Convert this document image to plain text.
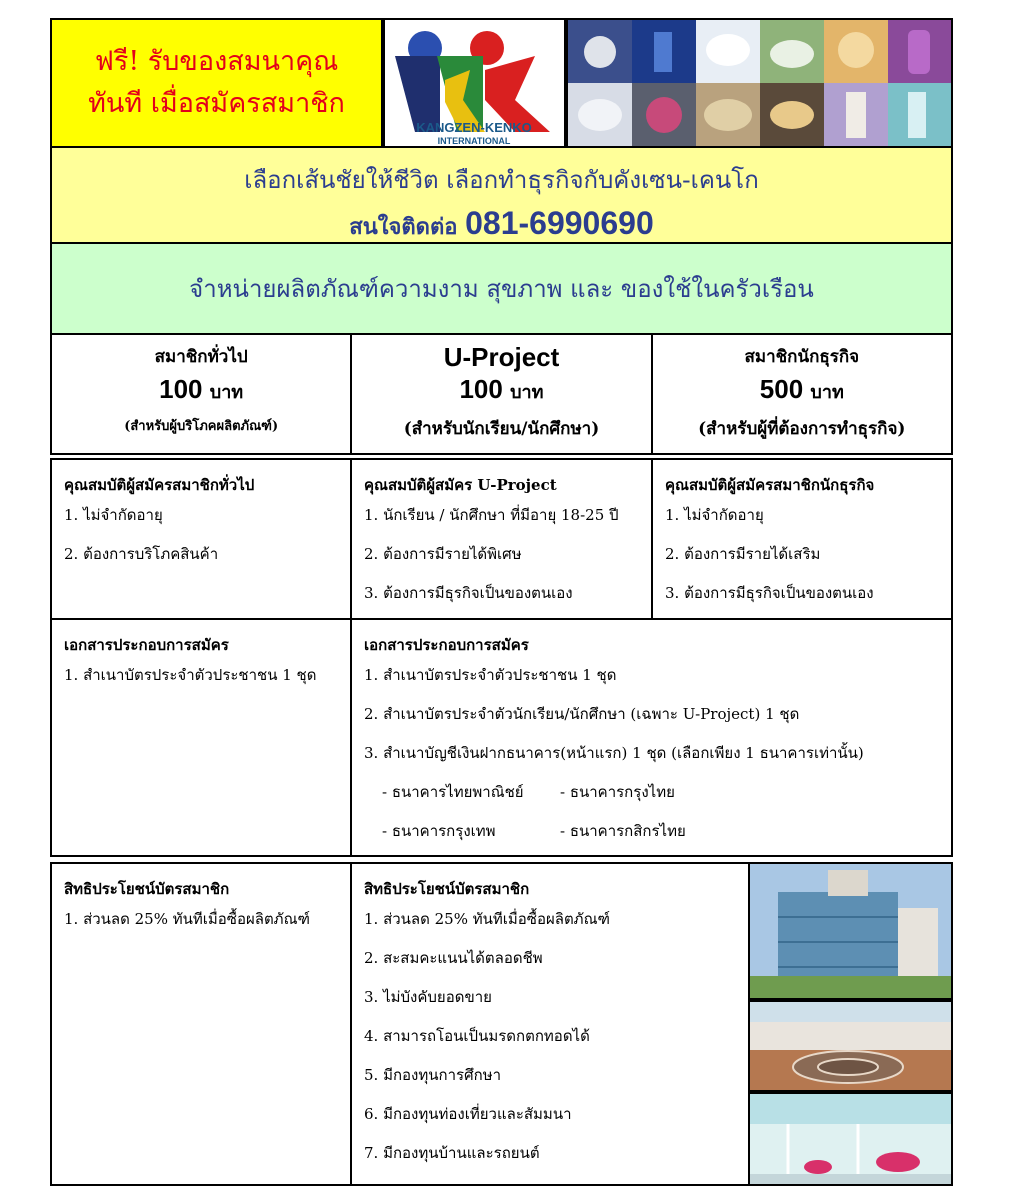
ฟรี! รับของสมนาคุณ
ทันที เมื่อสมัครสมาชิก
KANGZEN-KENKO
INTERNATIONAL
เลือกเส้นชัยให้ชีวิต เลือกทำธุรกิจกับคังเซน-เคนโก
สนใจติดต่อ 081-6990690
จำหน่ายผลิตภัณฑ์ความงาม สุขภาพ และ ของใช้ในครัวเรือน
สมาชิกทั่วไป
100 บาท
(สำหรับผู้บริโภคผลิตภัณฑ์)
U-Project
100 บาท
(สำหรับนักเรียน/นักศึกษา)
สมาชิกนักธุรกิจ
500 บาท
(สำหรับผู้ที่ต้องการทำธุรกิจ)
คุณสมบัติผู้สมัครสมาชิกทั่วไป
1. ไม่จำกัดอายุ
2. ต้องการบริโภคสินค้า
คุณสมบัติผู้สมัคร U-Project
1. นักเรียน / นักศึกษา ที่มีอายุ 18-25 ปี
2. ต้องการมีรายได้พิเศษ
3. ต้องการมีธุรกิจเป็นของตนเอง
คุณสมบัติผู้สมัครสมาชิกนักธุรกิจ
1. ไม่จำกัดอายุ
2. ต้องการมีรายได้เสริม
3. ต้องการมีธุรกิจเป็นของตนเอง
เอกสารประกอบการสมัคร
1. สำเนาบัตรประจำตัวประชาชน 1 ชุด
เอกสารประกอบการสมัคร
1. สำเนาบัตรประจำตัวประชาชน 1 ชุด
2. สำเนาบัตรประจำตัวนักเรียน/นักศึกษา (เฉพาะ U-Project) 1 ชุด
3. สำเนาบัญชีเงินฝากธนาคาร(หน้าแรก) 1 ชุด (เลือกเพียง 1 ธนาคารเท่านั้น)
- ธนาคารไทยพาณิชย์ - ธนาคารกรุงไทย
- ธนาคารกรุงเทพ	- ธนาคารกสิกรไทย
สิทธิประโยชน์บัตรสมาชิก
1. ส่วนลด 25% ทันทีเมื่อซื้อผลิตภัณฑ์
สิทธิประโยชน์บัตรสมาชิก
1. ส่วนลด 25% ทันทีเมื่อซื้อผลิตภัณฑ์
2. สะสมคะแนนได้ตลอดชีพ
3. ไม่บังคับยอดขาย
4. สามารถโอนเป็นมรดกตกทอดได้
5. มีกองทุนการศึกษา
6. มีกองทุนท่องเที่ยวและสัมมนา
7. มีกองทุนบ้านและรถยนต์
